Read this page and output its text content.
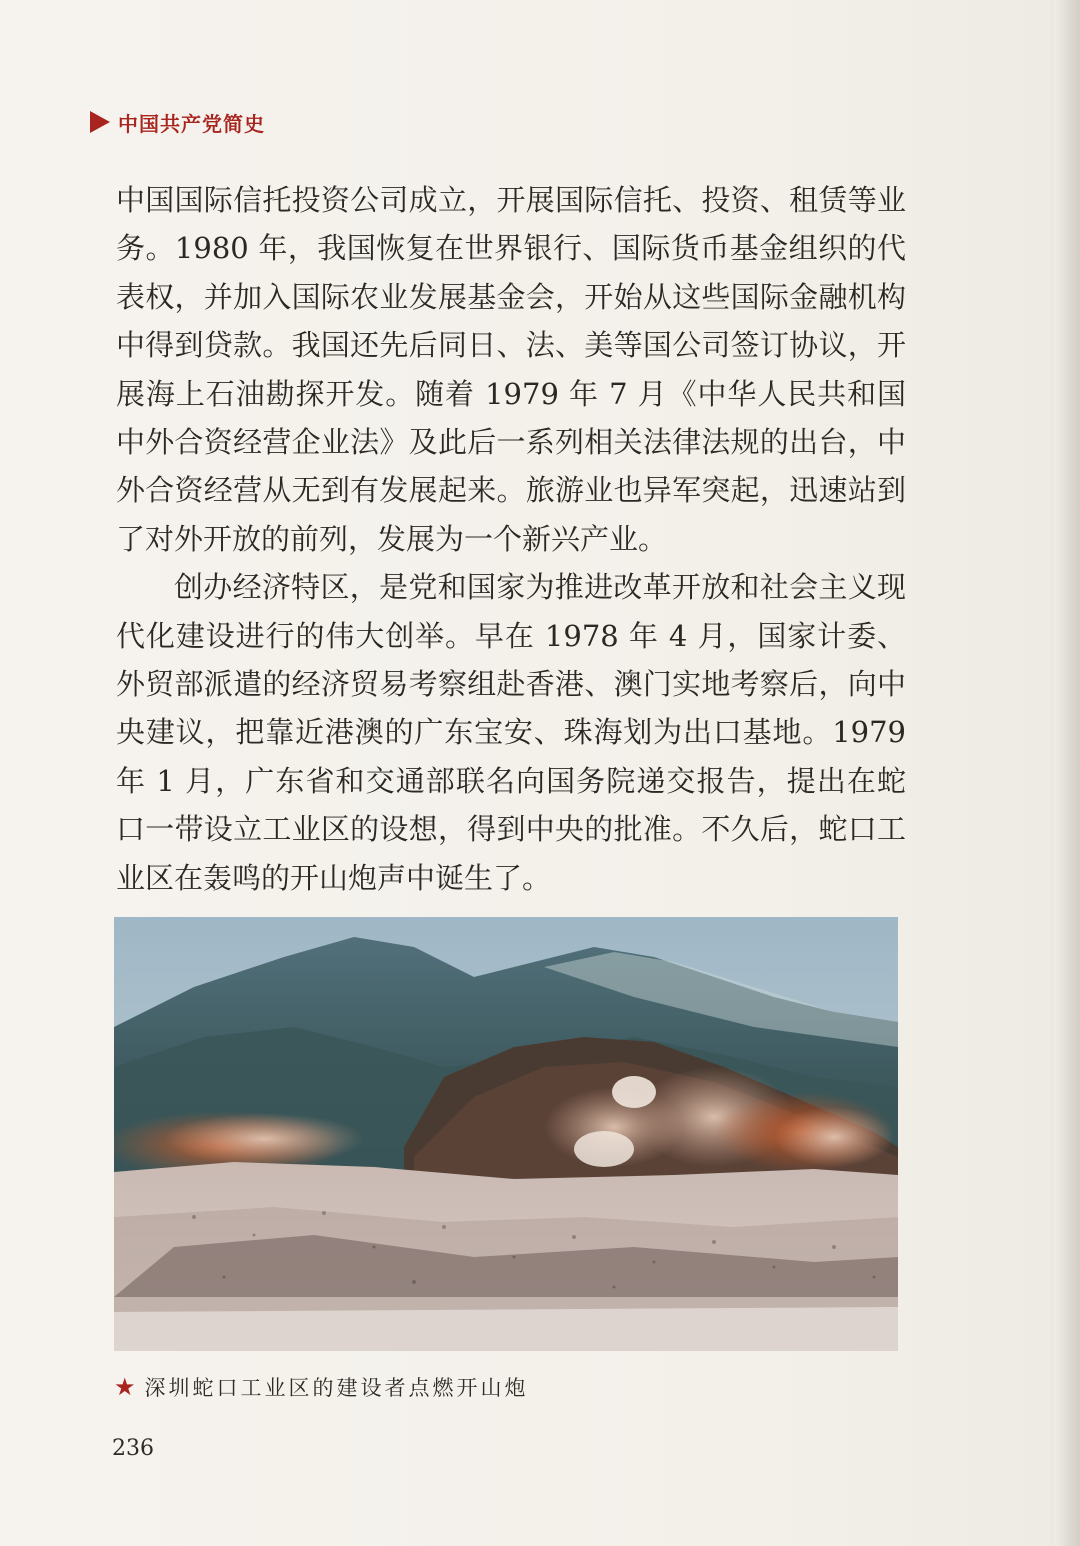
中国共产党简史

中国国际信托投资公司成立，开展国际信托、投资、租赁等业务。1980 年，我国恢复在世界银行、国际货币基金组织的代表权，并加入国际农业发展基金会，开始从这些国际金融机构中得到贷款。我国还先后同日、法、美等国公司签订协议，开展海上石油勘探开发。随着 1979 年 7 月《中华人民共和国中外合资经营企业法》及此后一系列相关法律法规的出台，中外合资经营从无到有发展起来。旅游业也异军突起，迅速站到了对外开放的前列，发展为一个新兴产业。

创办经济特区，是党和国家为推进改革开放和社会主义现代化建设进行的伟大创举。早在 1978 年 4 月，国家计委、外贸部派遣的经济贸易考察组赴香港、澳门实地考察后，向中央建议，把靠近港澳的广东宝安、珠海划为出口基地。1979 年 1 月，广东省和交通部联名向国务院递交报告，提出在蛇口一带设立工业区的设想，得到中央的批准。不久后，蛇口工业区在轰鸣的开山炮声中诞生了。

★ 深圳蛇口工业区的建设者点燃开山炮
236
